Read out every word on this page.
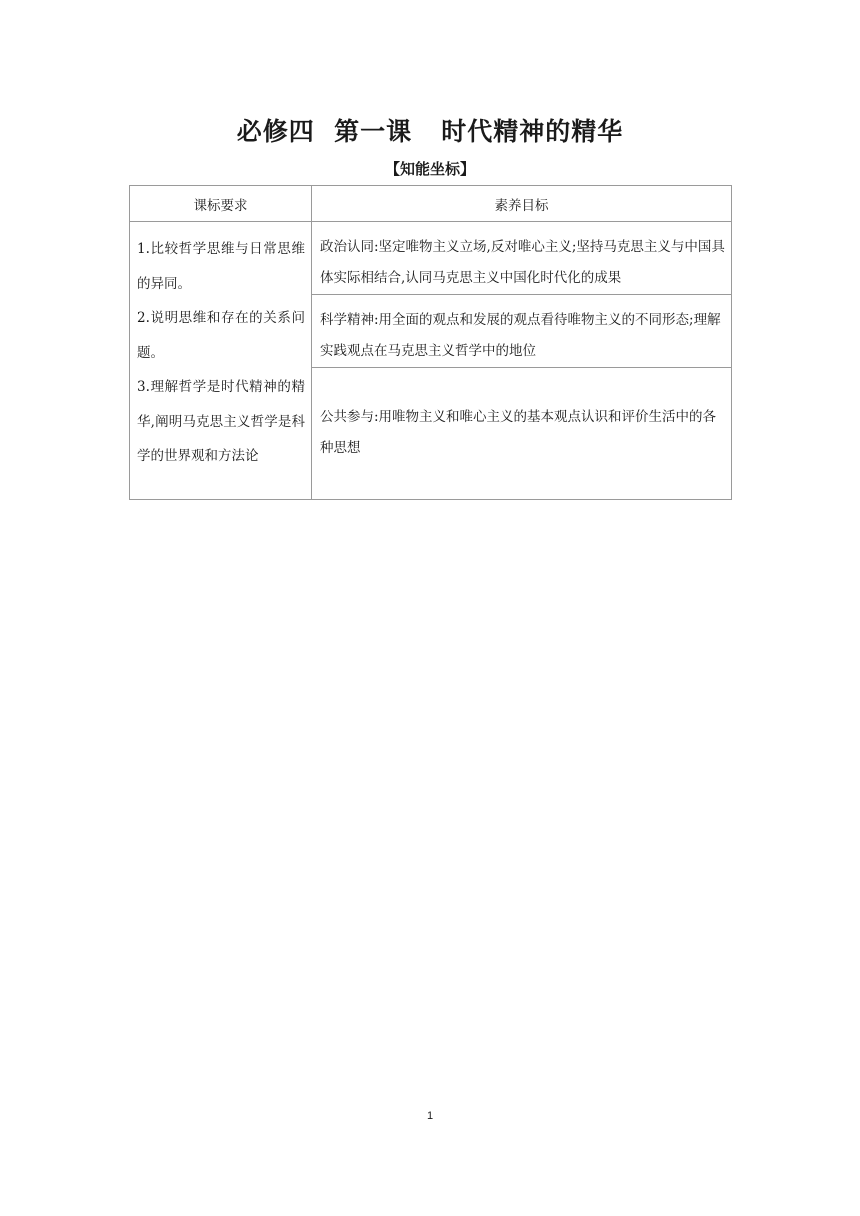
必修四  第一课   时代精神的精华
【知能坐标】
课标要求	素养目标

1.比较哲学思维与日常思维的异同。
2.说明思维和存在的关系问题。
3.理解哲学是时代精神的精华,阐明马克思主义哲学是科学的世界观和方法论	政治认同:坚定唯物主义立场,反对唯心主义;坚持马克思主义与中国具体实际相结合,认同马克思主义中国化时代化的成果
	科学精神:用全面的观点和发展的观点看待唯物主义的不同形态;理解实践观点在马克思主义哲学中的地位

	公共参与:用唯物主义和唯心主义的基本观点认识和评价生活中的各种思想
1
